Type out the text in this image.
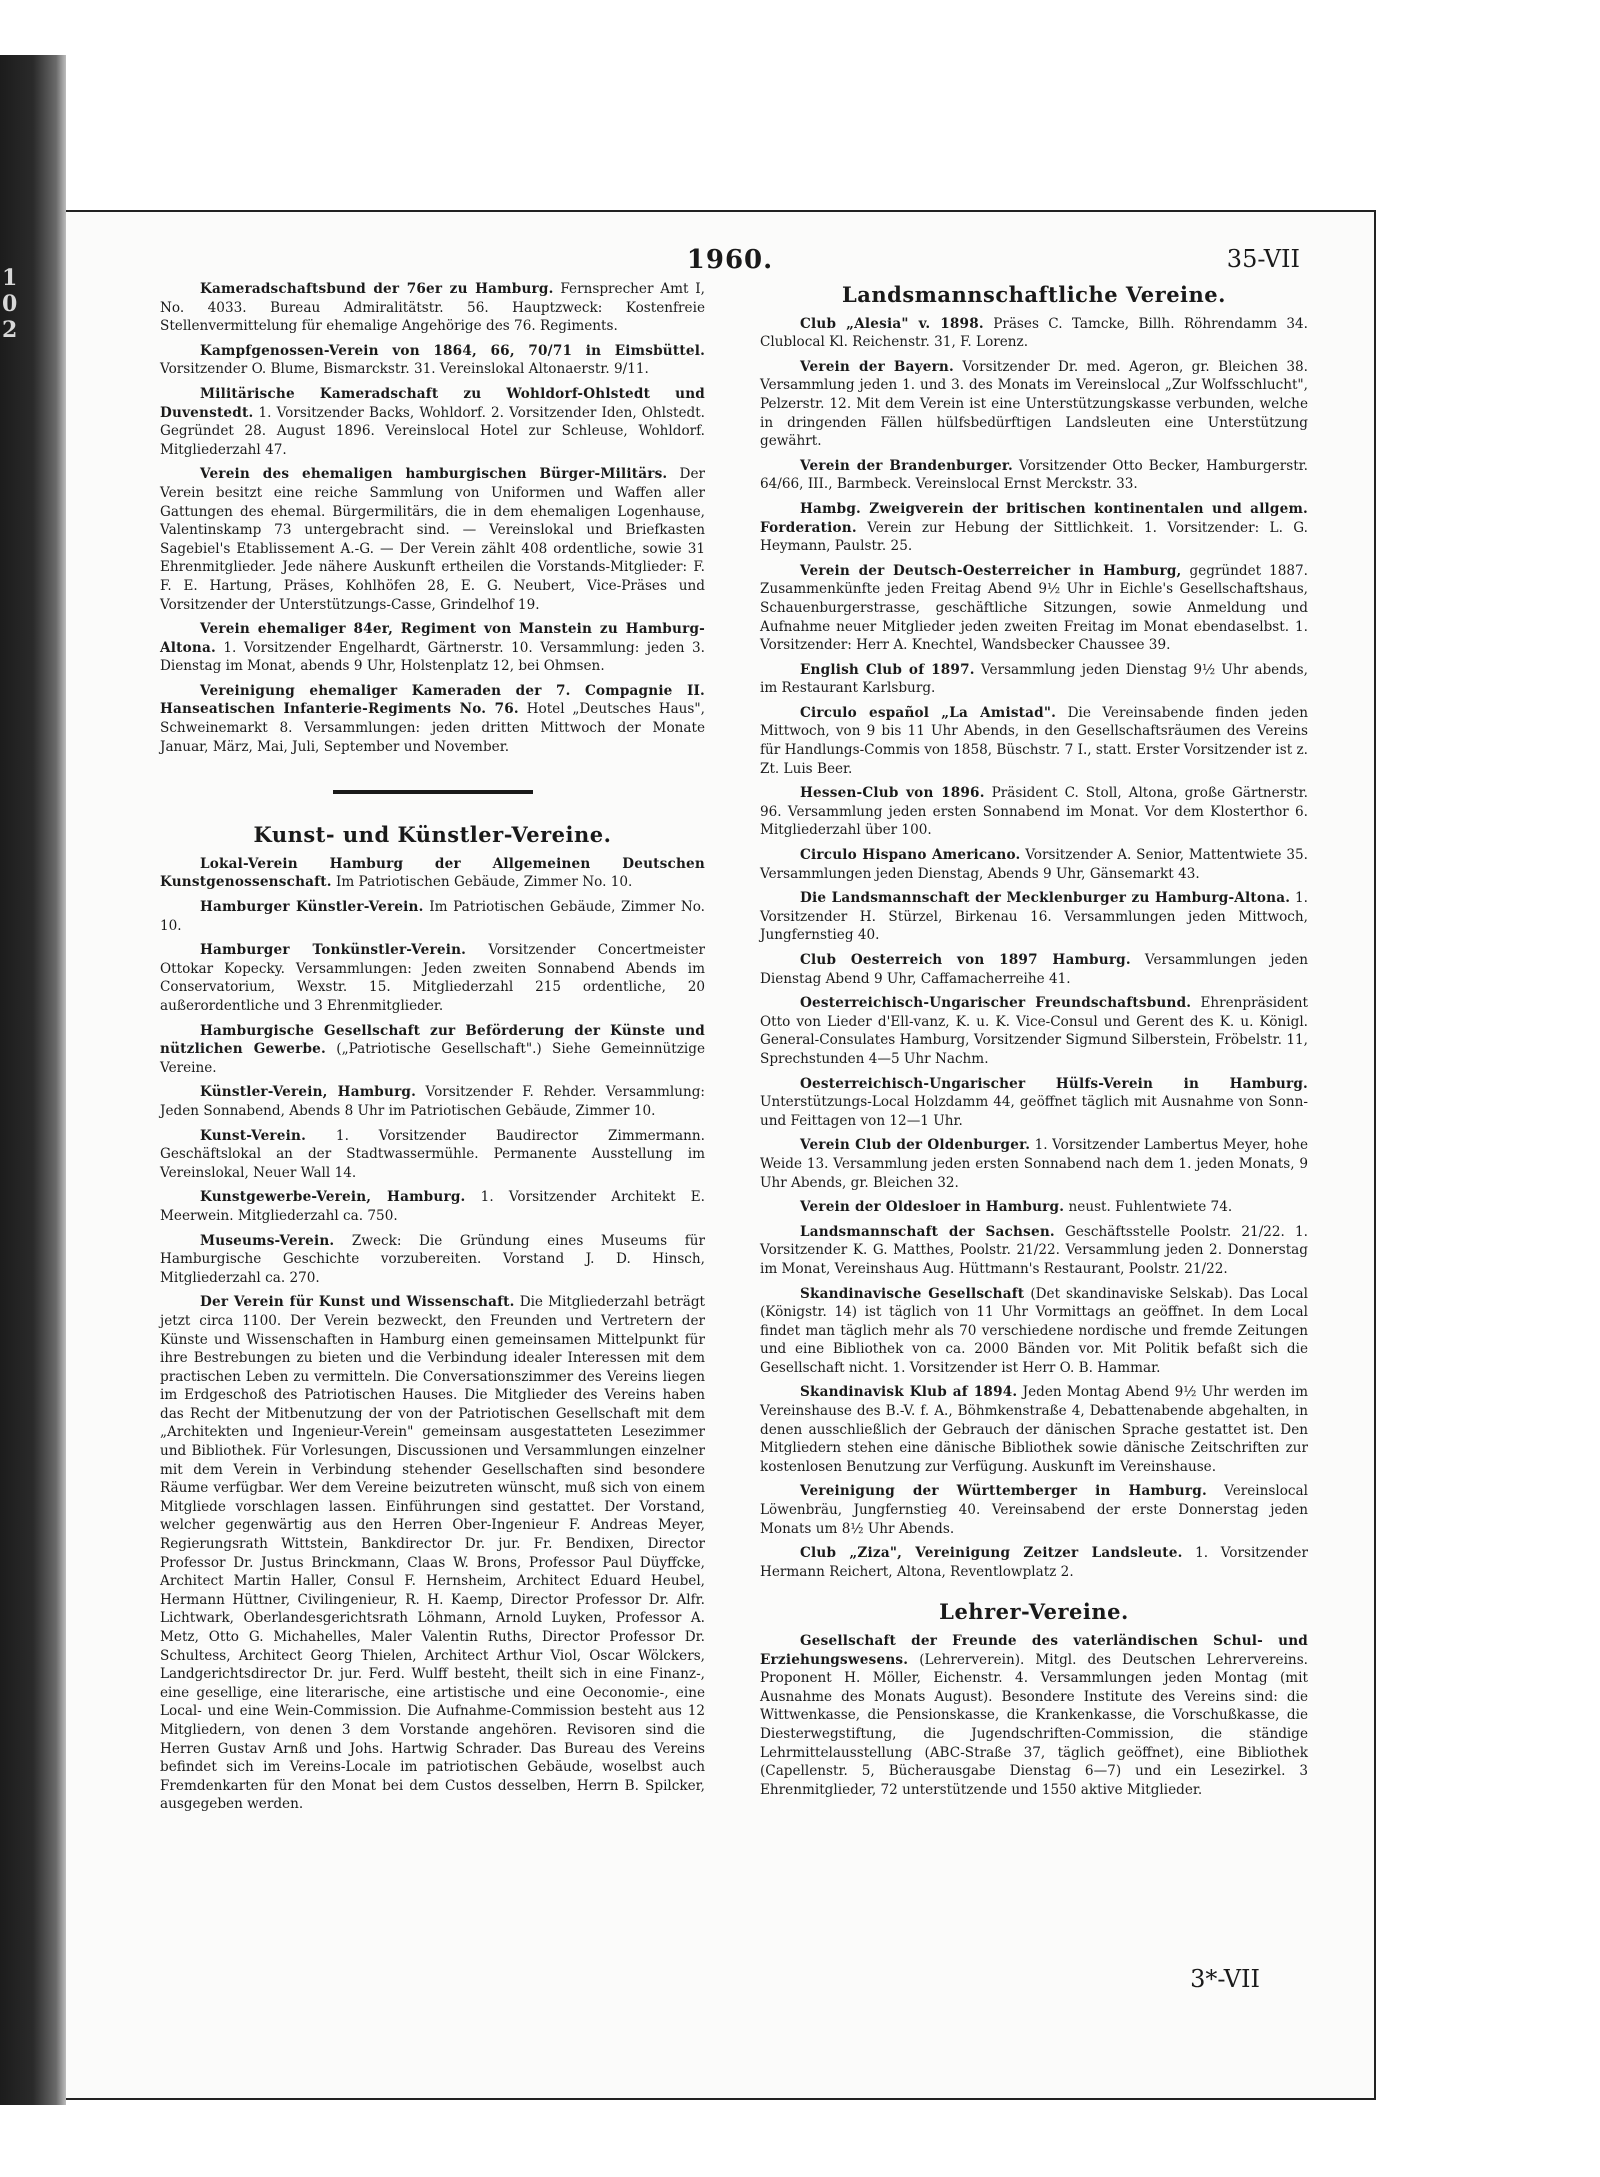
1
0
2
1960.	35-VII

Kameradschaftsbund der 76er zu Hamburg. Fernsprecher Amt I, No. 4033. Bureau Admiralitätstr. 56. Hauptzweck: Kostenfreie Stellenvermittelung für ehemalige Angehörige des 76. Regiments.

Kampfgenossen-Verein von 1864, 66, 70/71 in Eimsbüttel. Vorsitzender O. Blume, Bismarckstr. 31. Vereinslokal Altonaerstr. 9/11.

Militärische Kameradschaft zu Wohldorf-Ohlstedt und Duvenstedt. 1. Vorsitzender Backs, Wohldorf. 2. Vorsitzender Iden, Ohlstedt. Gegründet 28. August 1896. Vereinslocal Hotel zur Schleuse, Wohldorf. Mitgliederzahl 47.

Verein des ehemaligen hamburgischen Bürger-Militärs. Der Verein besitzt eine reiche Sammlung von Uniformen und Waffen aller Gattungen des ehemal. Bürgermilitärs, die in dem ehemaligen Logenhause, Valentinskamp 73 untergebracht sind. — Vereinslokal und Briefkasten Sagebiel's Etablissement A.-G. — Der Verein zählt 408 ordentliche, sowie 31 Ehrenmitglieder. Jede nähere Auskunft ertheilen die Vorstands-Mitglieder: F. F. E. Hartung, Präses, Kohlhöfen 28, E. G. Neubert, Vice-Präses und Vorsitzender der Unterstützungs-Casse, Grindelhof 19.

Verein ehemaliger 84er, Regiment von Manstein zu Hamburg-Altona. 1. Vorsitzender Engelhardt, Gärtnerstr. 10. Versammlung: jeden 3. Dienstag im Monat, abends 9 Uhr, Holstenplatz 12, bei Ohmsen.

Vereinigung ehemaliger Kameraden der 7. Compagnie II. Hanseatischen Infanterie-Regiments No. 76. Hotel „Deutsches Haus", Schweinemarkt 8. Versammlungen: jeden dritten Mittwoch der Monate Januar, März, Mai, Juli, September und November.

Kunst- und Künstler-Vereine.

Lokal-Verein Hamburg der Allgemeinen Deutschen Kunstgenossenschaft. Im Patriotischen Gebäude, Zimmer No. 10.

Hamburger Künstler-Verein. Im Patriotischen Gebäude, Zimmer No. 10.

Hamburger Tonkünstler-Verein. Vorsitzender Concertmeister Ottokar Kopecky. Versammlungen: Jeden zweiten Sonnabend Abends im Conservatorium, Wexstr. 15. Mitgliederzahl 215 ordentliche, 20 außerordentliche und 3 Ehrenmitglieder.

Hamburgische Gesellschaft zur Beförderung der Künste und nützlichen Gewerbe. („Patriotische Gesellschaft".) Siehe Gemeinnützige Vereine.

Künstler-Verein, Hamburg. Vorsitzender F. Rehder. Versammlung: Jeden Sonnabend, Abends 8 Uhr im Patriotischen Gebäude, Zimmer 10.

Kunst-Verein. 1. Vorsitzender Baudirector Zimmermann. Geschäftslokal an der Stadtwassermühle. Permanente Ausstellung im Vereinslokal, Neuer Wall 14.

Kunstgewerbe-Verein, Hamburg. 1. Vorsitzender Architekt E. Meerwein. Mitgliederzahl ca. 750.

Museums-Verein. Zweck: Die Gründung eines Museums für Hamburgische Geschichte vorzubereiten. Vorstand J. D. Hinsch, Mitgliederzahl ca. 270.

Der Verein für Kunst und Wissenschaft. Die Mitgliederzahl beträgt jetzt circa 1100. Der Verein bezweckt, den Freunden und Vertretern der Künste und Wissenschaften in Hamburg einen gemeinsamen Mittelpunkt für ihre Bestrebungen zu bieten und die Verbindung idealer Interessen mit dem practischen Leben zu vermitteln. Die Conversationszimmer des Vereins liegen im Erdgeschoß des Patriotischen Hauses. Die Mitglieder des Vereins haben das Recht der Mitbenutzung der von der Patriotischen Gesellschaft mit dem „Architekten und Ingenieur-Verein" gemeinsam ausgestatteten Lesezimmer und Bibliothek. Für Vorlesungen, Discussionen und Versammlungen einzelner mit dem Verein in Verbindung stehender Gesellschaften sind besondere Räume verfügbar. Wer dem Vereine beizutreten wünscht, muß sich von einem Mitgliede vorschlagen lassen. Einführungen sind gestattet. Der Vorstand, welcher gegenwärtig aus den Herren Ober-Ingenieur F. Andreas Meyer, Regierungsrath Wittstein, Bankdirector Dr. jur. Fr. Bendixen, Director Professor Dr. Justus Brinckmann, Claas W. Brons, Professor Paul Düyffcke, Architect Martin Haller, Consul F. Hernsheim, Architect Eduard Heubel, Hermann Hüttner, Civilingenieur, R. H. Kaemp, Director Professor Dr. Alfr. Lichtwark, Oberlandesgerichtsrath Löhmann, Arnold Luyken, Professor A. Metz, Otto G. Michahelles, Maler Valentin Ruths, Director Professor Dr. Schultess, Architect Georg Thielen, Architect Arthur Viol, Oscar Wölckers, Landgerichtsdirector Dr. jur. Ferd. Wulff besteht, theilt sich in eine Finanz-, eine gesellige, eine literarische, eine artistische und eine Oeconomie-, eine Local- und eine Wein-Commission. Die Aufnahme-Commission besteht aus 12 Mitgliedern, von denen 3 dem Vorstande angehören. Revisoren sind die Herren Gustav Arnß und Johs. Hartwig Schrader. Das Bureau des Vereins befindet sich im Vereins-Locale im patriotischen Gebäude, woselbst auch Fremdenkarten für den Monat bei dem Custos desselben, Herrn B. Spilcker, ausgegeben werden.

Landsmannschaftliche Vereine.

Club „Alesia" v. 1898. Präses C. Tamcke, Billh. Röhrendamm 34. Clublocal Kl. Reichenstr. 31, F. Lorenz.

Verein der Bayern. Vorsitzender Dr. med. Ageron, gr. Bleichen 38. Versammlung jeden 1. und 3. des Monats im Vereinslocal „Zur Wolfsschlucht", Pelzerstr. 12. Mit dem Verein ist eine Unterstützungskasse verbunden, welche in dringenden Fällen hülfsbedürftigen Landsleuten eine Unterstützung gewährt.

Verein der Brandenburger. Vorsitzender Otto Becker, Hamburgerstr. 64/66, III., Barmbeck. Vereinslocal Ernst Merckstr. 33.

Hambg. Zweigverein der britischen kontinentalen und allgem. Forderation. Verein zur Hebung der Sittlichkeit. 1. Vorsitzender: L. G. Heymann, Paulstr. 25.

Verein der Deutsch-Oesterreicher in Hamburg, gegründet 1887. Zusammenkünfte jeden Freitag Abend 9½ Uhr in Eichle's Gesellschaftshaus, Schauenburgerstrasse, geschäftliche Sitzungen, sowie Anmeldung und Aufnahme neuer Mitglieder jeden zweiten Freitag im Monat ebendaselbst. 1. Vorsitzender: Herr A. Knechtel, Wandsbecker Chaussee 39.

English Club of 1897. Versammlung jeden Dienstag 9½ Uhr abends, im Restaurant Karlsburg.

Circulo español „La Amistad". Die Vereinsabende finden jeden Mittwoch, von 9 bis 11 Uhr Abends, in den Gesellschaftsräumen des Vereins für Handlungs-Commis von 1858, Büschstr. 7 I., statt. Erster Vorsitzender ist z. Zt. Luis Beer.

Hessen-Club von 1896. Präsident C. Stoll, Altona, große Gärtnerstr. 96. Versammlung jeden ersten Sonnabend im Monat. Vor dem Klosterthor 6. Mitgliederzahl über 100.

Circulo Hispano Americano. Vorsitzender A. Senior, Mattentwiete 35. Versammlungen jeden Dienstag, Abends 9 Uhr, Gänsemarkt 43.

Die Landsmannschaft der Mecklenburger zu Hamburg-Altona. 1. Vorsitzender H. Stürzel, Birkenau 16. Versammlungen jeden Mittwoch, Jungfernstieg 40.

Club Oesterreich von 1897 Hamburg. Versammlungen jeden Dienstag Abend 9 Uhr, Caffamacherreihe 41.

Oesterreichisch-Ungarischer Freundschaftsbund. Ehrenpräsident Otto von Lieder d'Ell-vanz, K. u. K. Vice-Consul und Gerent des K. u. Königl. General-Consulates Hamburg, Vorsitzender Sigmund Silberstein, Fröbelstr. 11, Sprechstunden 4—5 Uhr Nachm.

Oesterreichisch-Ungarischer Hülfs-Verein in Hamburg. Unterstützungs-Local Holzdamm 44, geöffnet täglich mit Ausnahme von Sonn- und Feittagen von 12—1 Uhr.

Verein Club der Oldenburger. 1. Vorsitzender Lambertus Meyer, hohe Weide 13. Versammlung jeden ersten Sonnabend nach dem 1. jeden Monats, 9 Uhr Abends, gr. Bleichen 32.

Verein der Oldesloer in Hamburg. neust. Fuhlentwiete 74.

Landsmannschaft der Sachsen. Geschäftsstelle Poolstr. 21/22. 1. Vorsitzender K. G. Matthes, Poolstr. 21/22. Versammlung jeden 2. Donnerstag im Monat, Vereinshaus Aug. Hüttmann's Restaurant, Poolstr. 21/22.

Skandinavische Gesellschaft (Det skandinaviske Selskab). Das Local (Königstr. 14) ist täglich von 11 Uhr Vormittags an geöffnet. In dem Local findet man täglich mehr als 70 verschiedene nordische und fremde Zeitungen und eine Bibliothek von ca. 2000 Bänden vor. Mit Politik befaßt sich die Gesellschaft nicht. 1. Vorsitzender ist Herr O. B. Hammar.

Skandinavisk Klub af 1894. Jeden Montag Abend 9½ Uhr werden im Vereinshause des B.-V. f. A., Böhmkenstraße 4, Debattenabende abgehalten, in denen ausschließlich der Gebrauch der dänischen Sprache gestattet ist. Den Mitgliedern stehen eine dänische Bibliothek sowie dänische Zeitschriften zur kostenlosen Benutzung zur Verfügung. Auskunft im Vereinshause.

Vereinigung der Württemberger in Hamburg. Vereinslocal Löwenbräu, Jungfernstieg 40. Vereinsabend der erste Donnerstag jeden Monats um 8½ Uhr Abends.

Club „Ziza", Vereinigung Zeitzer Landsleute. 1. Vorsitzender Hermann Reichert, Altona, Reventlowplatz 2.

Lehrer-Vereine.

Gesellschaft der Freunde des vaterländischen Schul- und Erziehungswesens. (Lehrerverein). Mitgl. des Deutschen Lehrervereins. Proponent H. Möller, Eichenstr. 4. Versammlungen jeden Montag (mit Ausnahme des Monats August). Besondere Institute des Vereins sind: die Wittwenkasse, die Pensionskasse, die Krankenkasse, die Vorschußkasse, die Diesterwegstiftung, die Jugendschriften-Commission, die ständige Lehrmittelausstellung (ABC-Straße 37, täglich geöffnet), eine Bibliothek (Capellenstr. 5, Bücherausgabe Dienstag 6—7) und ein Lesezirkel. 3 Ehrenmitglieder, 72 unterstützende und 1550 aktive Mitglieder.

3*-VII
